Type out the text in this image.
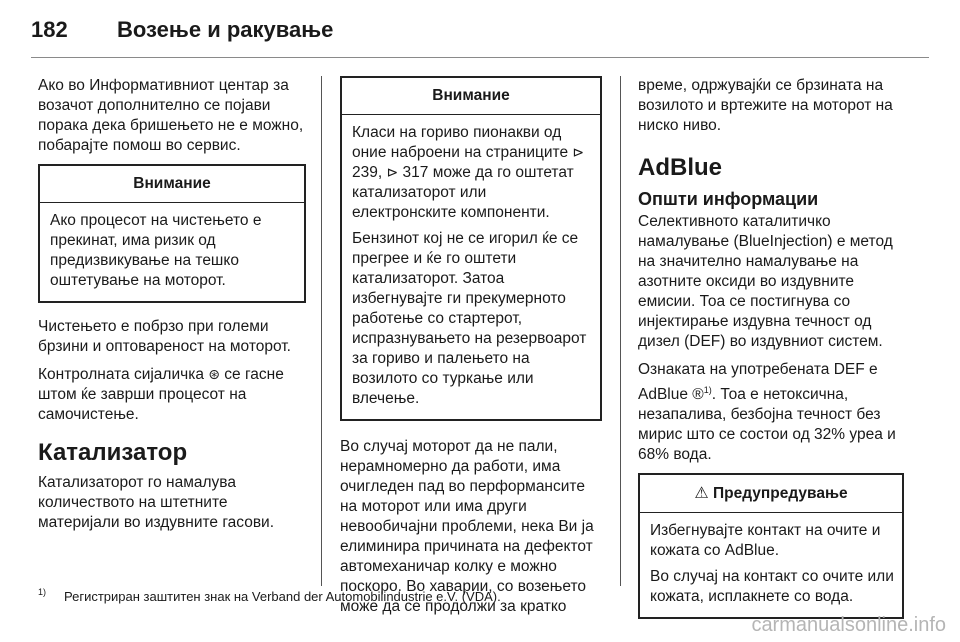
182 Возење и ракување

Ако во Информативниот центар за возачот дополнително се појави порака дека бришењето не е можно, побарајте помош во сервис.

Внимание

Ако процесот на чистењето е прекинат, има ризик од предизвикување на тешко оштетување на моторот.

Чистењето е побрзо при големи брзини и оптовареност на моторот.

Контролната сијаличка ⊛ се гасне штом ќе заврши процесот на самочистење.

Катализатор

Катализаторот го намалува количеството на штетните материјали во издувните гасови.

Внимание

Класи на гориво пионакви од оние наброени на страниците ⊳ 239, ⊳ 317 може да го оштетат катализаторот или електронските компоненти.

Бензинот кој не се игорил ќе се прегрее и ќе го оштети катализаторот. Затоа избегнувајте ги прекумерното работење со стартерот, испразнувањето на резервоарот за гориво и палењето на возилото со туркање или влечење.

Во случај моторот да не пали, нерамномерно да работи, има очигледен пад во перформансите на моторот или има други невообичајни проблеми, нека Ви ја елиминира причината на дефектот автомеханичар колку е можно поскоро. Во хаварии, со возењето може да се продолжи за кратко

време, одржувајќи се брзината на возилото и вртежите на моторот на ниско ниво.

AdBlue
Општи информации

Селективното каталитичко намалување (BlueInjection) е метод на значително намалување на азотните оксиди во издувните емисии. Тоа се постигнува со инјектирање издувна течност од дизел (DEF) во издувниот систем.

Ознаката на употребената DEF е AdBlue ®$^{1)}$. Тоа е нетоксична, незапалива, безбојна течност без мирис што се состои од 32% уреа и 68% вода.

⚠ Предупредување

Избегнувајте контакт на очите и кожата со AdBlue.

Во случај на контакт со очите или кожата, исплакнете со вода.

$^{1)}$ Регистриран заштитен знак на Verband der Automobilindustrie e.V. (VDA).
carmanualsonline.info
